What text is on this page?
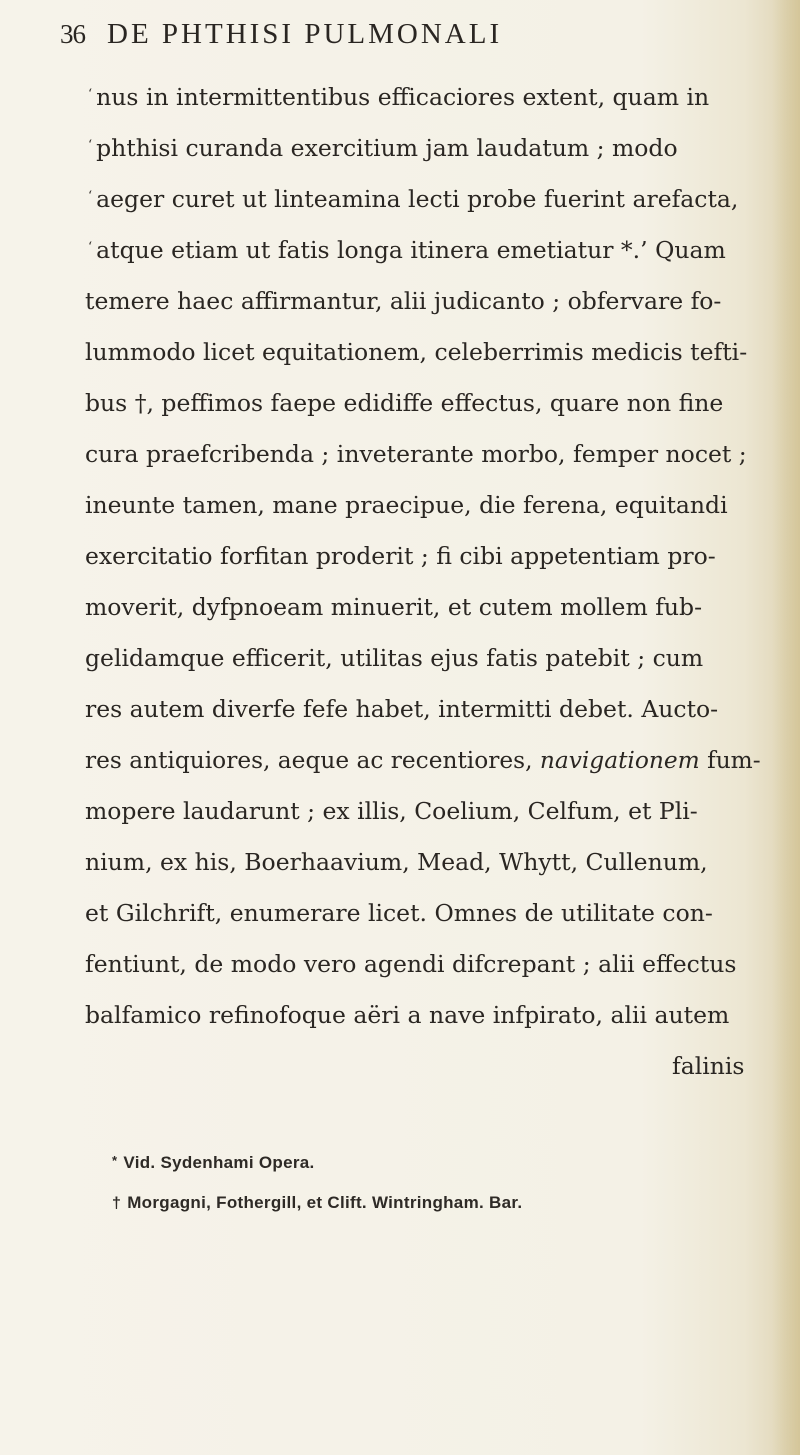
36 DE PHTHISI PULMONALI
‘ nus in intermittentibus efficaciores extent, quam in
‘ phthisi curanda exercitium jam laudatum ; modo
‘ aeger curet ut linteamina lecti probe fuerint arefacta,
‘ atque etiam ut fatis longa itinera emetiatur *.’ Quam
temere haec affirmantur, alii judicanto ; obfervare fo-
lummodo licet equitationem, celeberrimis medicis tefti-
bus †, peffimos faepe edidiffe effectus, quare non fine
cura praefcribenda ; inveterante morbo, femper nocet ;
ineunte tamen, mane praecipue, die ferena, equitandi
exercitatio forfitan proderit ; fi cibi appetentiam pro-
moverit, dyfpnoeam minuerit, et cutem mollem fub-
gelidamque efficerit, utilitas ejus fatis patebit ; cum
res autem diverfe fefe habet, intermitti debet. Aucto-
res antiquiores, aeque ac recentiores, navigationem fum-
mopere laudarunt ; ex illis, Coelium, Celfum, et Pli-
nium, ex his, Boerhaavium, Mead, Whytt, Cullenum,
et Gilchrift, enumerare licet. Omnes de utilitate con-
fentiunt, de modo vero agendi difcrepant ; alii effectus
balfamico refinofoque aëri a nave infpirato, alii autem
falinis
* Vid. Sydenhami Opera.
† Morgagni, Fothergill, et Clift. Wintringham. Bar.
